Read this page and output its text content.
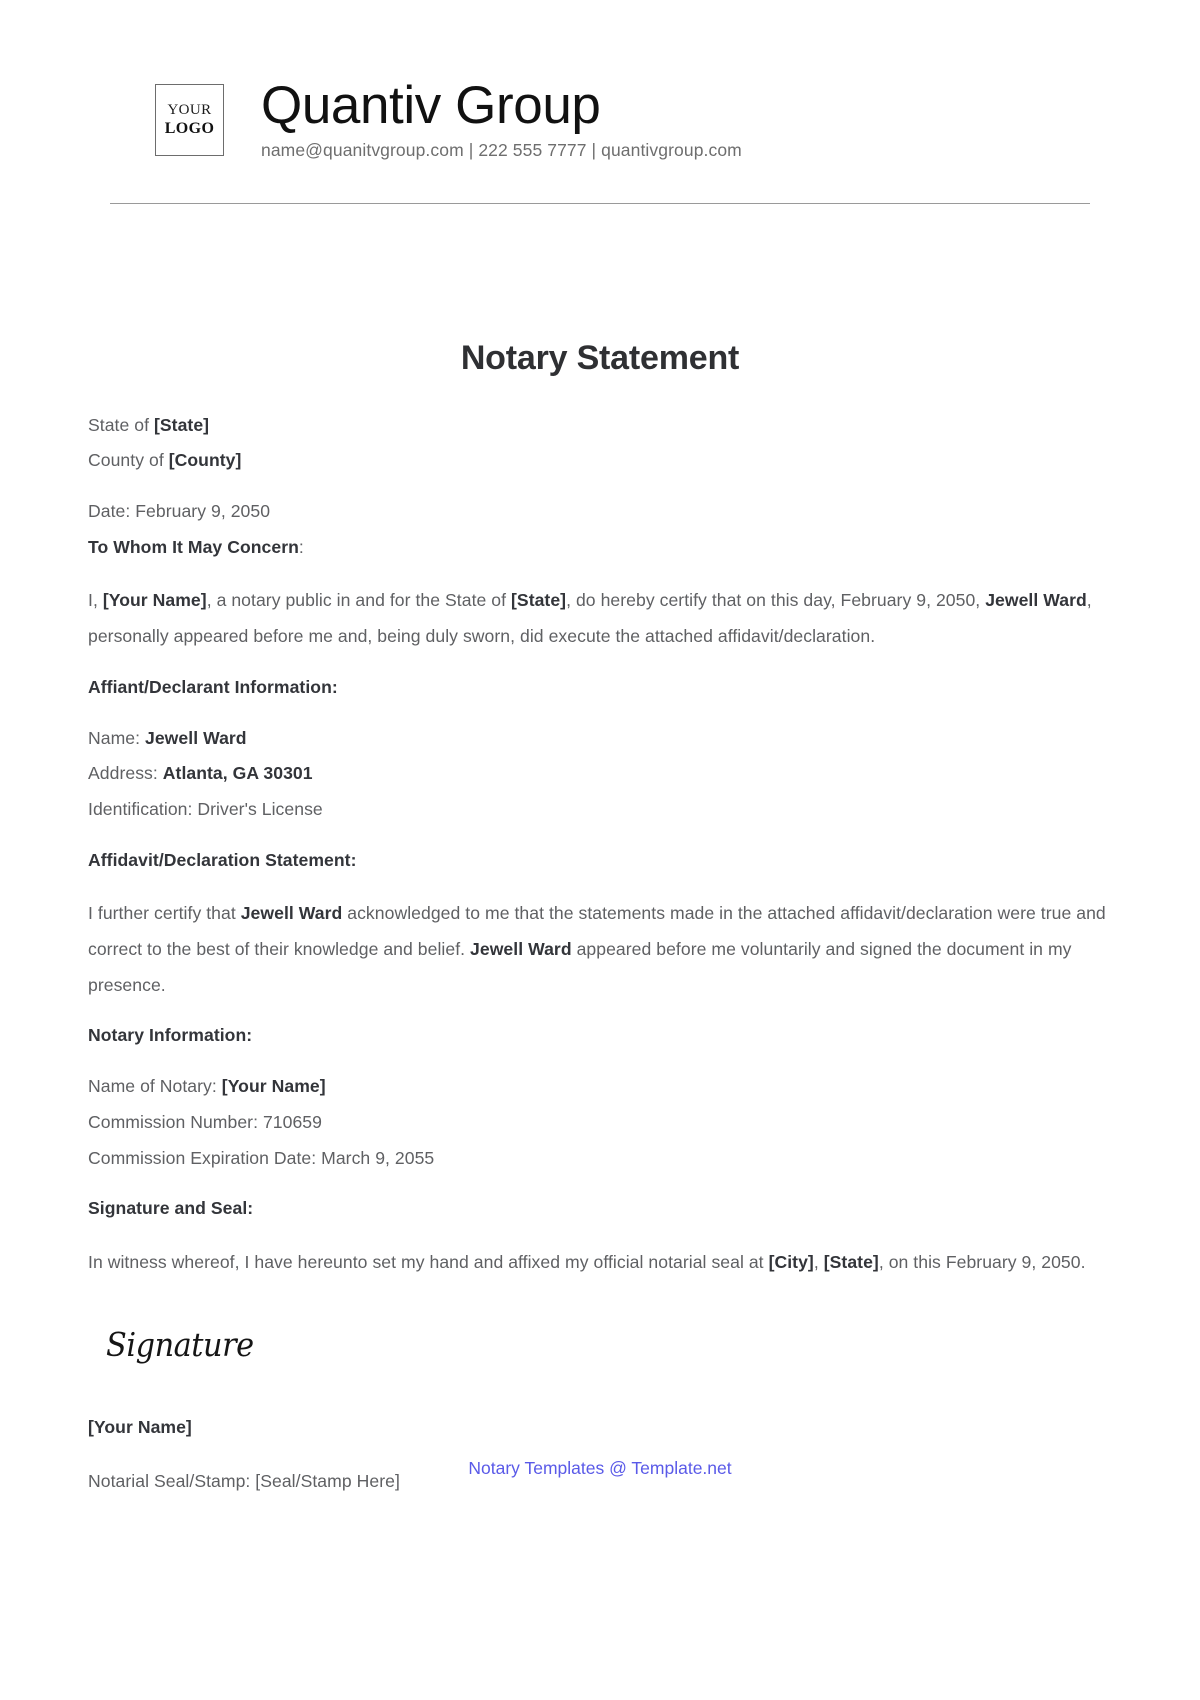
YOUR
LOGO Quantiv Group
name@quanitvgroup.com | 222 555 7777 | quantivgroup.com
Notary Statement

State of [State]

County of [County]

Date: February 9, 2050

To Whom It May Concern:

I, [Your Name], a notary public in and for the State of [State], do hereby certify that on this day, February 9, 2050, Jewell Ward, personally appeared before me and, being duly sworn, did execute the attached affidavit/declaration.

Affiant/Declarant Information:

Name: Jewell Ward

Address: Atlanta, GA 30301

Identification: Driver's License

Affidavit/Declaration Statement:

I further certify that Jewell Ward acknowledged to me that the statements made in the attached affidavit/declaration were true and correct to the best of their knowledge and belief. Jewell Ward appeared before me voluntarily and signed the document in my presence.

Notary Information:

Name of Notary: [Your Name]

Commission Number: 710659

Commission Expiration Date: March 9, 2055

Signature and Seal:

In witness whereof, I have hereunto set my hand and affixed my official notarial seal at [City], [State], on this February 9, 2050.

Signature

[Your Name]

Notarial Seal/Stamp: [Seal/Stamp Here]

Notary Templates @ Template.net
